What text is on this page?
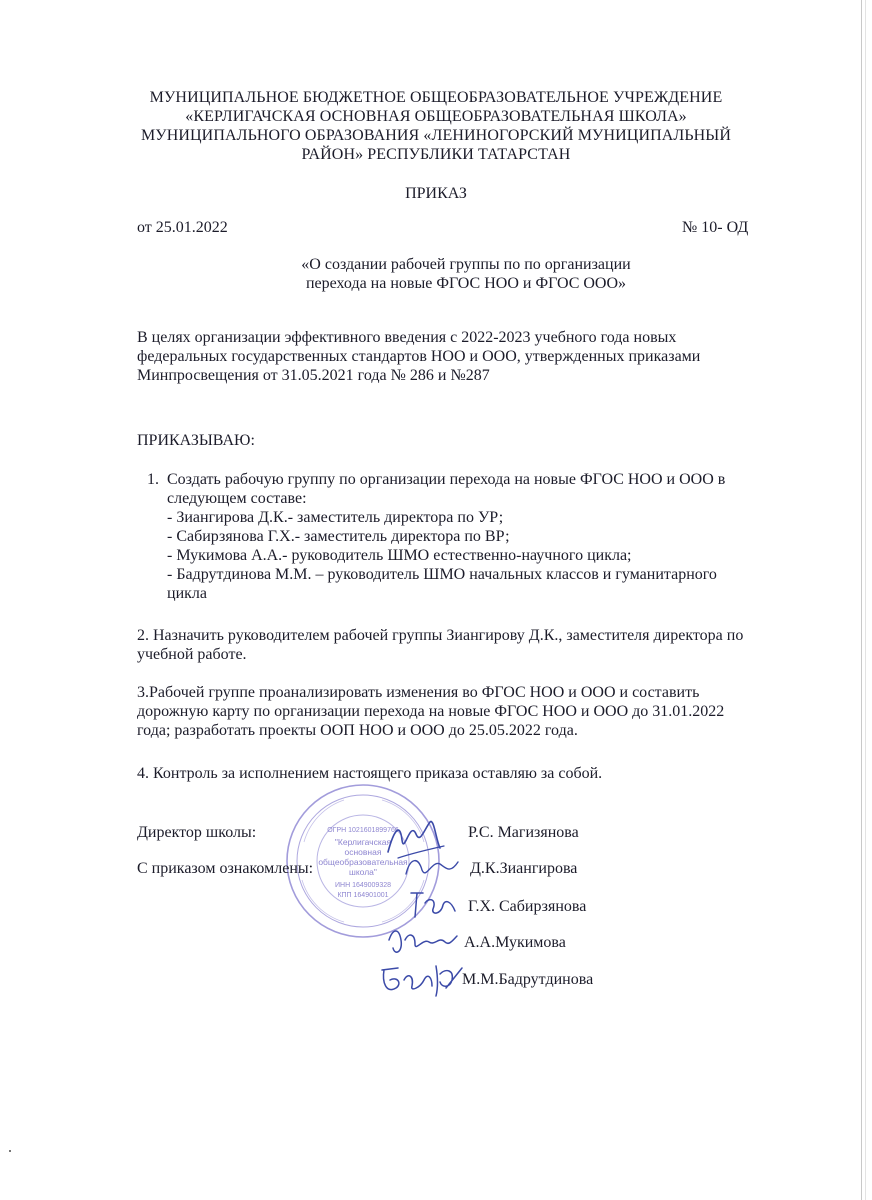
МУНИЦИПАЛЬНОЕ БЮДЖЕТНОЕ ОБЩЕОБРАЗОВАТЕЛЬНОЕ УЧРЕЖДЕНИЕ
«КЕРЛИГАЧСКАЯ ОСНОВНАЯ ОБЩЕОБРАЗОВАТЕЛЬНАЯ ШКОЛА»
МУНИЦИПАЛЬНОГО ОБРАЗОВАНИЯ «ЛЕНИНОГОРСКИЙ МУНИЦИПАЛЬНЫЙ
РАЙОН» РЕСПУБЛИКИ ТАТАРСТАН
ПРИКАЗ
от 25.01.2022	№ 10- ОД
«О создании рабочей группы по по организации
перехода на новые ФГОС НОО и ФГОС ООО»
В целях организации эффективного введения с 2022-2023 учебного года новых
федеральных государственных стандартов НОО и ООО, утвержденных приказами
Минпросвещения от 31.05.2021 года № 286 и №287
ПРИКАЗЫВАЮ:
1. Создать рабочую группу по организации перехода на новые ФГОС НОО и ООО в
следующем составе:
- Зиангирова Д.К.- заместитель директора по УР;
- Сабирзянова Г.Х.- заместитель директора по ВР;
- Мукимова А.А.- руководитель ШМО естественно-научного цикла;
- Бадрутдинова М.М. – руководитель ШМО начальных классов и гуманитарного
цикла
2. Назначить руководителем рабочей группы Зиангирову Д.К., заместителя директора по
учебной работе.
3.Рабочей группе проанализировать изменения во ФГОС НОО и ООО и составить
дорожную карту по организации перехода на новые ФГОС НОО и ООО до 31.01.2022
года; разработать проекты ООП НОО и ООО до 25.05.2022 года.
4. Контроль за исполнением настоящего приказа оставляю за собой.
ОГРН 1021601899766
"Керлигачская
основная
общеобразовательная
школа"
ИНН 1649009328
КПП 164901001
Директор школы:	Р.С. Магизянова
С приказом ознакомлены:	Д.К.Зиангирова
Г.Х. Сабирзянова
А.А.Мукимова
М.М.Бадрутдинова
